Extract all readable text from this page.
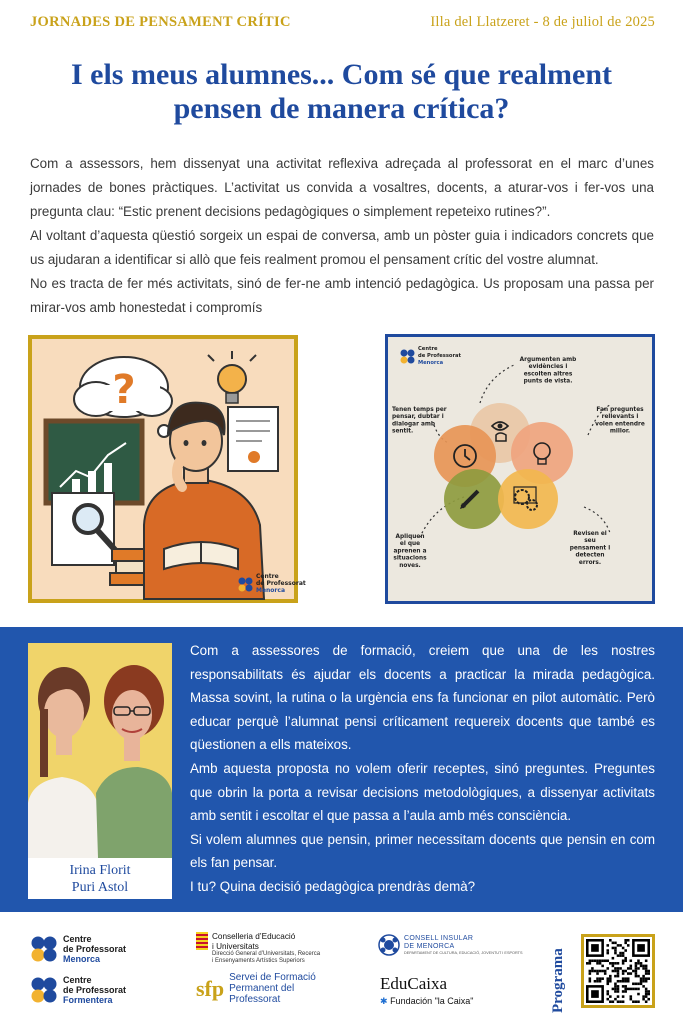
JORNADES DE PENSAMENT CRÍTIC	Illa del Llatzeret - 8 de juliol de 2025
I els meus alumnes... Com sé que realment
pensen de manera crítica?

Com a assessors, hem dissenyat una activitat reflexiva adreçada al professorat en el marc d’unes jornades de bones pràctiques. L’activitat us convida a vosaltres, docents, a aturar-vos i fer-vos una pregunta clau: “Estic prenent decisions pedagògiques o simplement repeteixo rutines?”.

Al voltant d’aquesta qüestió sorgeix un espai de conversa, amb un pòster guia i indicadors concrets que us ajudaran a identificar si allò que feis realment promou el pensament crític del vostre alumnat.

No es tracta de fer més activitats, sinó de fer-ne amb intenció pedagògica. Us proposam una passa per mirar-vos amb honestedat i compromís

?
Centre
de Professorat
Menorca
Centre
de Professorat
Menorca	Argumenten amb evidències i escolten altres punts de vista.
Tenen temps per pensar, dubtar i dialogar amb sentit.
Fan preguntes rellevants i volen entendre millor.
Apliquen el que aprenen a situacions noves.
Revisen el seu pensament i detecten errors.
Irina Florit
Puri Astol

Com a assessores de formació, creiem que una de les nostres responsabilitats és ajudar els docents a practicar la mirada pedagògica. Massa sovint, la rutina o la urgència ens fa funcionar en pilot automàtic. Però educar perquè l’alumnat pensi críticament requereix docents que també es qüestionen a ells mateixos.

Amb aquesta proposta no volem oferir receptes, sinó preguntes. Preguntes que obrin la porta a revisar decisions metodològiques, a dissenyar activitats amb sentit i escoltar el que passa a l’aula amb més consciència.

Si volem alumnes que pensin, primer necessitam docents que pensin en com els fan pensar.

I tu? Quina decisió pedagògica prendràs demà?

Centre
de Professorat
Menorca
Centre
de Professorat
Formentera
Conselleria d’Educació
i Universitats
Direcció General d’Universitats, Recerca
i Ensenyaments Artístics Superiors
sfp Servei de Formació
Permanent del
Professorat
CONSELL INSULAR
DE MENORCA
DEPARTAMENT DE CULTURA, EDUCACIÓ, JOVENTUT I ESPORTS
EduCaixa
✱ Fundación "la Caixa"	Programa
